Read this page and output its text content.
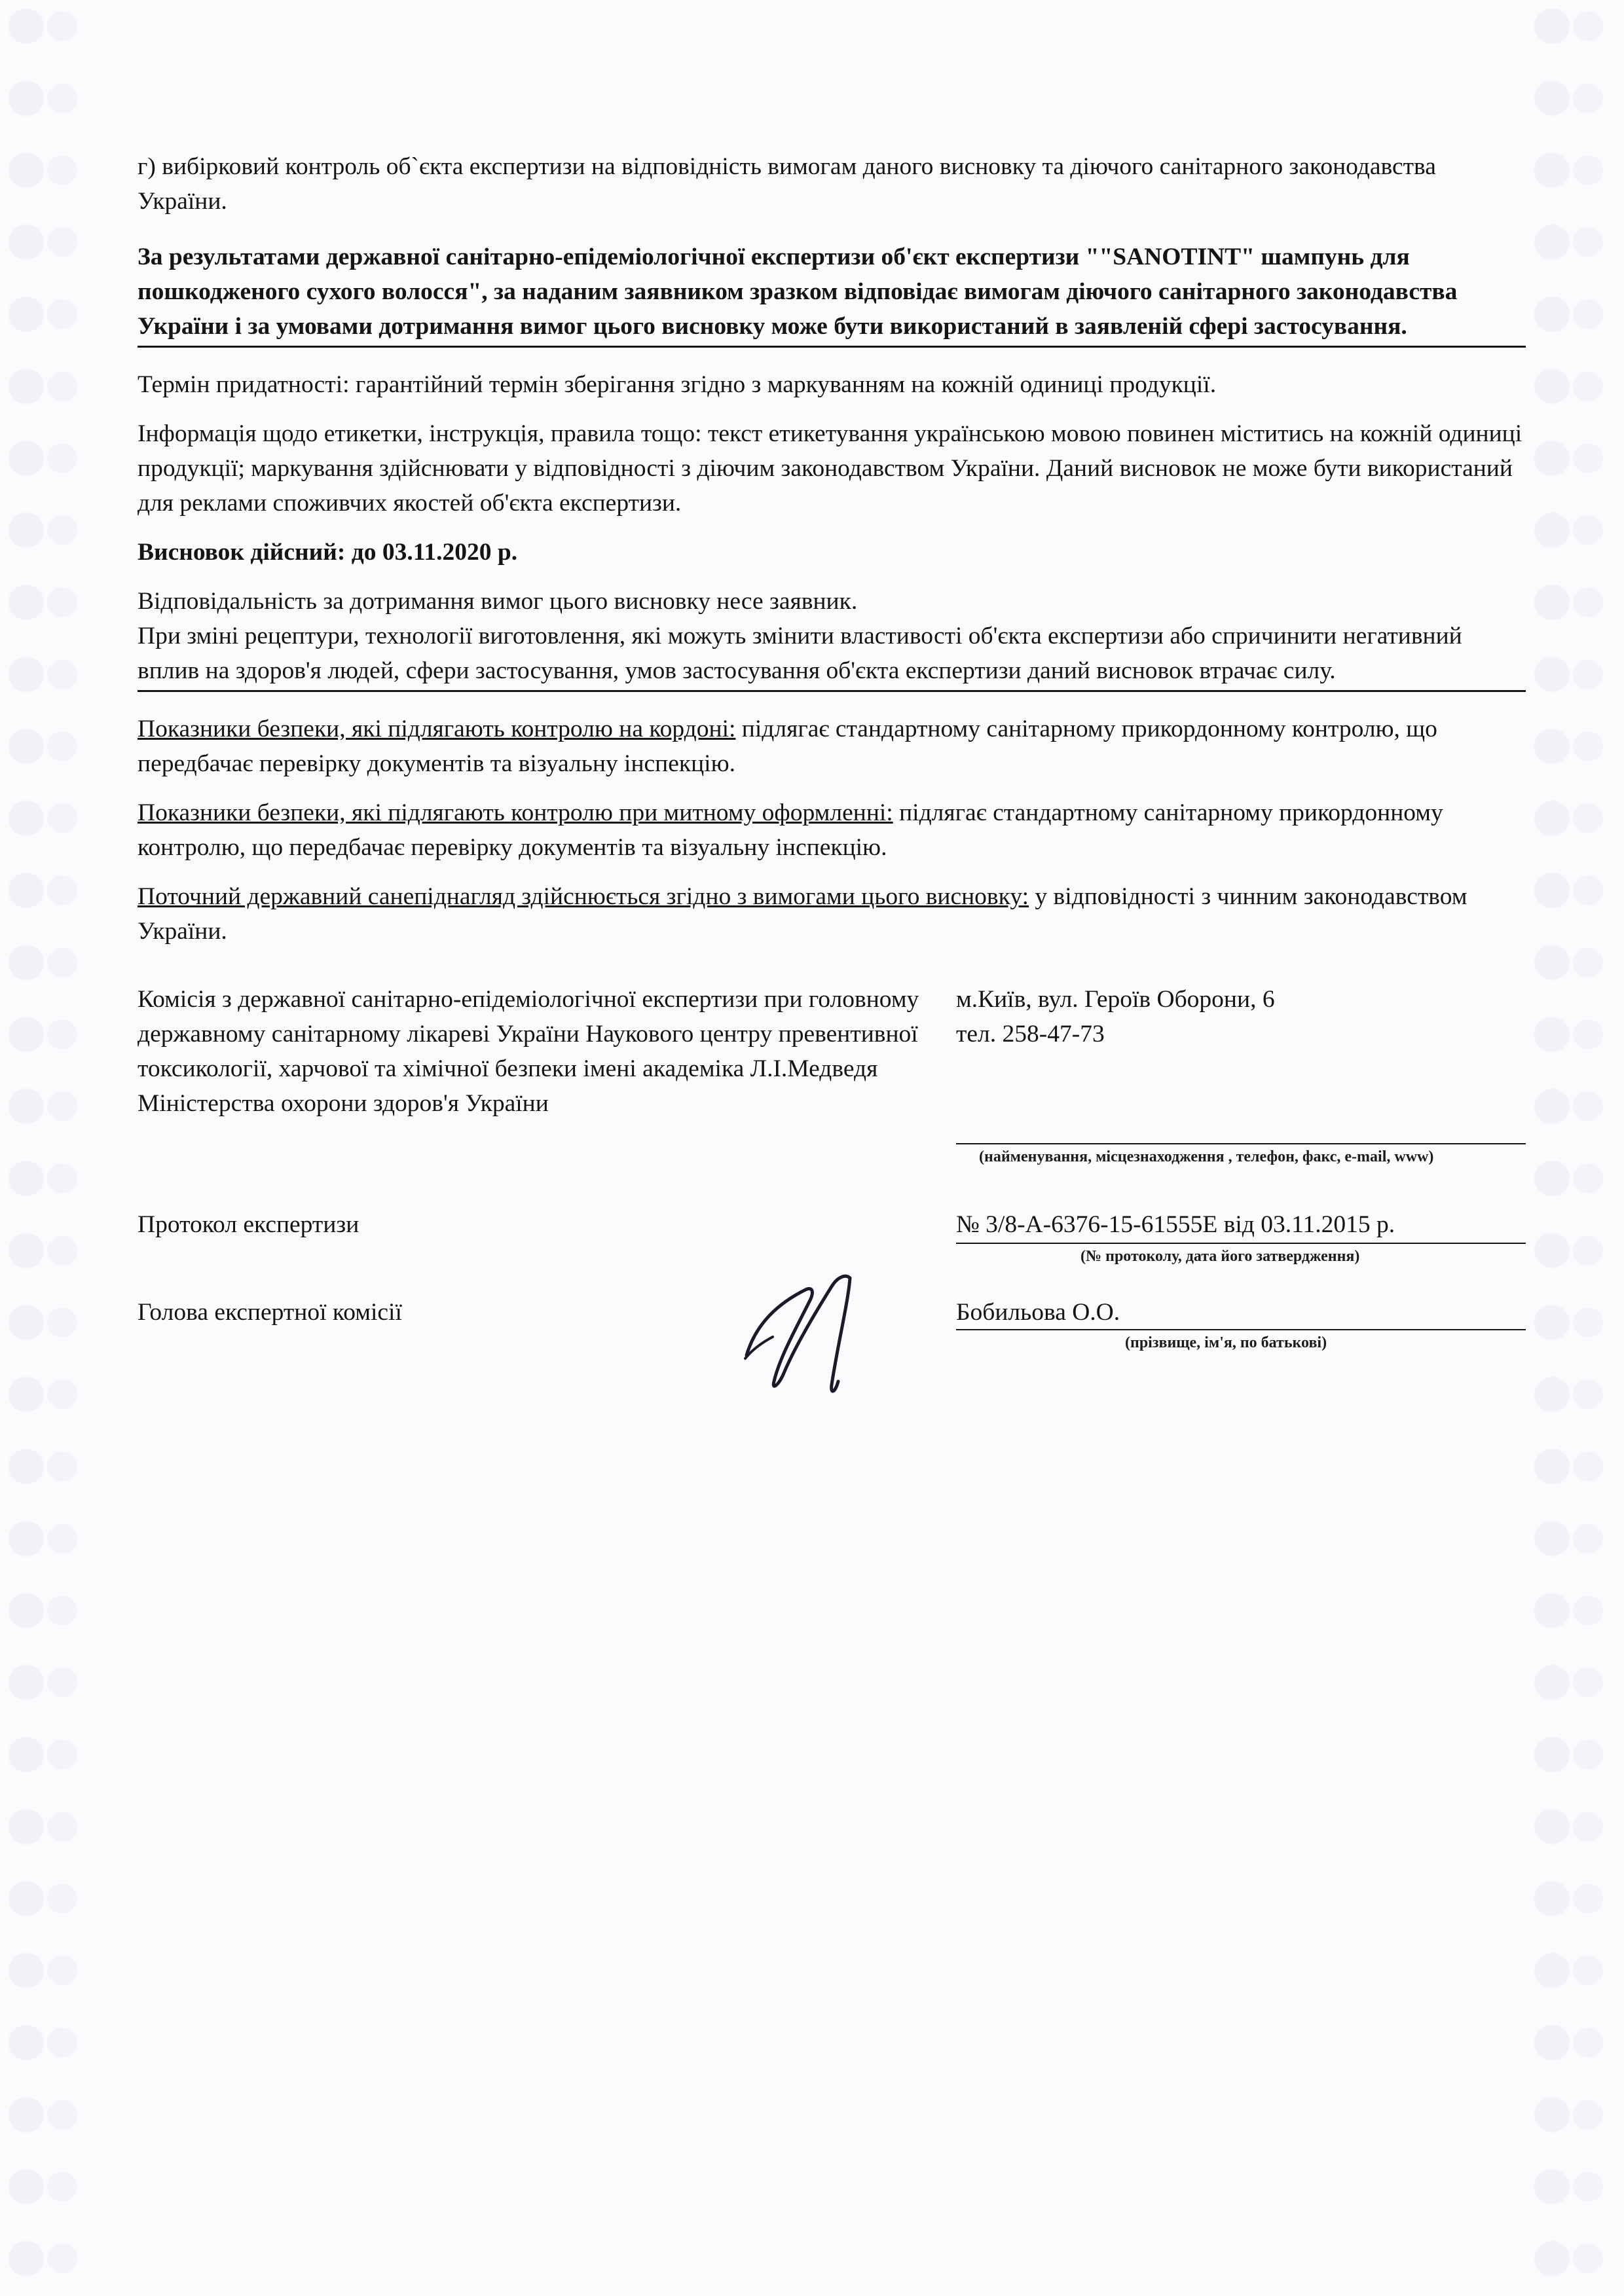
г) вибірковий контроль об`єкта експертизи на відповідність вимогам даного висновку та діючого санітарного законодавства України.

За результатами державної санітарно-епідеміологічної експертизи об'єкт експертизи ""SANOTINT" шампунь для пошкодженого сухого волосся", за наданим заявником зразком відповідає вимогам діючого санітарного законодавства України і за умовами дотримання вимог цього висновку може бути використаний в заявленій сфері застосування.

Термін придатності: гарантійний термін зберігання згідно з маркуванням на кожній одиниці продукції.

Інформація щодо етикетки, інструкція, правила тощо: текст етикетування українською мовою повинен міститись на кожній одиниці продукції; маркування здійснювати у відповідності з діючим законодавством України. Даний висновок не може бути використаний для реклами споживчих якостей об'єкта експертизи.

Висновок дійсний: до 03.11.2020 р.

Відповідальність за дотримання вимог цього висновку несе заявник.

При зміні рецептури, технології виготовлення, які можуть змінити властивості об'єкта експертизи або спричинити негативний вплив на здоров'я людей, сфери застосування, умов застосування об'єкта експертизи даний висновок втрачає силу.

Показники безпеки, які підлягають контролю на кордоні: підлягає стандартному санітарному прикордонному контролю, що передбачає перевірку документів та візуальну інспекцію.

Показники безпеки, які підлягають контролю при митному оформленні: підлягає стандартному санітарному прикордонному контролю, що передбачає перевірку документів та візуальну інспекцію.

Поточний державний санепіднагляд здійснюється згідно з вимогами цього висновку: у відповідності з чинним законодавством України.

Комісія з державної санітарно-епідеміологічної експертизи при головному державному санітарному лікареві України Наукового центру превентивної токсикології, харчової та хімічної безпеки імені академіка Л.І.Медведя Міністерства охорони здоров'я України

м.Київ, вул. Героїв Оборони, 6

тел. 258-47-73

(найменування, місцезнаходження , телефон, факс, e-mail, www)

Протокол експертизи	№ 3/8-А-6376-15-61555Е від 03.11.2015 р.

(№ протоколу, дата його затвердження)

Голова експертної комісії	Бобильова О.О.

(прізвище, ім'я, по батькові)
